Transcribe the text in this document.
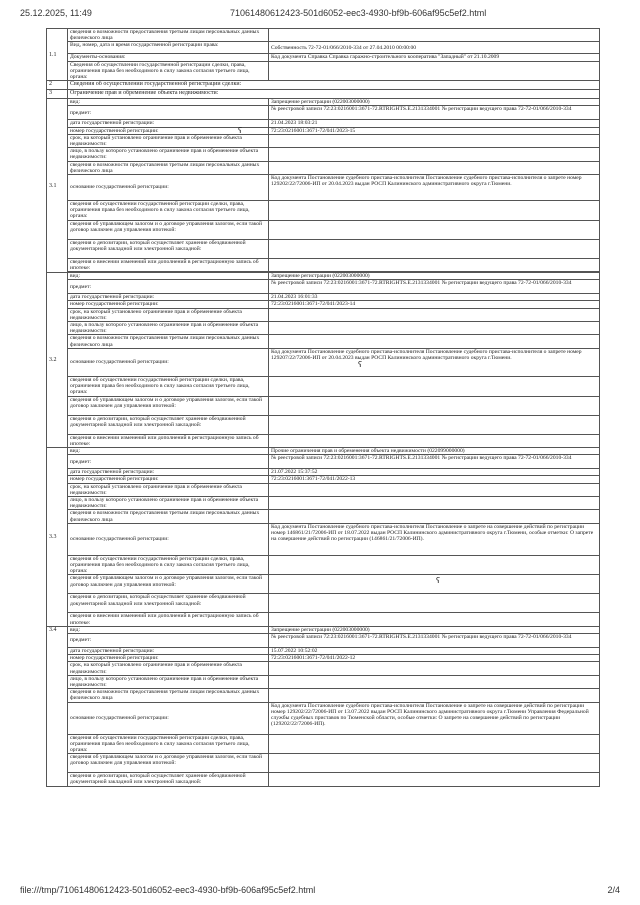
25.12.2025, 11:49	71061480612423-501d6052-eec3-4930-bf9b-606af95c5ef2.html
1.1	сведения о возможности предоставления третьим лицам персональных данных физического лица	
	Вид, номер, дата и время государственной регистрации права:	Собственность 72-72-01/066/2010-334 от 27.04.2010 00:00:00
	Документы-основания:	Код документа Справка Справка гаражно-строительного кооператива "Западный" от 21.10.2009
	Сведения об осуществлении государственной регистрации сделки, права, ограничения права без необходимого в силу закона согласия третьего лица, органа:	
2	Сведения об осуществлении государственной регистрации сделки:	
3	Ограничение прав и обременение объекта недвижимости:	
3.1	вид:	Запрещение регистрации (022003000000)
	предмет:	№ реестровой записи 72:23:0216001:3671-72.RTRIGHTS.E.2131334001 № регистрации ведущего права 72-72-01/066/2010-334
	дата государственной регистрации:	21.04.2023 18:03:21
	номер государственной регистрации:	72:23:0216001:3671-72/041/2023-15
	срок, на который установлено ограничение прав и обременение объекта недвижимости:	
	лицо, в пользу которого установлено ограничение прав и обременение объекта недвижимости:	
	сведения о возможности предоставления третьим лицам персональных данных физического лица	
	основание государственной регистрации:	Код документа Постановление судебного пристава-исполнителя Постановление судебного пристава-исполнителя о запрете номер 129202/22/72006-ИП от 20.04.2023 выдан РОСП Калининского административного округа г.Тюмени.
	сведения об осуществлении государственной регистрации сделки, права, ограничения права без необходимого в силу закона согласия третьего лица, органа:	
	сведения об управляющем залогом и о договоре управления залогом, если такой договор заключен для управления ипотекой:	
	сведения о депозитарии, который осуществляет хранение обездвиженной документарной закладной или электронной закладной:	
	сведения о внесении изменений или дополнений в регистрационную запись об ипотеке:	

3.2	вид:	Запрещение регистрации (022003000000)
	предмет:	№ реестровой записи 72:23:0216001:3671-72.RTRIGHTS.E.2131334001 № регистрации ведущего права 72-72-01/066/2010-334
	дата государственной регистрации:	21.04.2023 16:01:33
	номер государственной регистрации:	72:23:0216001:3671-72/041/2023-14
	срок, на который установлено ограничение прав и обременение объекта недвижимости:	
	лицо, в пользу которого установлено ограничение прав и обременение объекта недвижимости:	
	сведения о возможности предоставления третьим лицам персональных данных физического лица	
	основание государственной регистрации:	Код документа Постановление судебного пристава-исполнителя Постановление судебного пристава-исполнителя о запрете номер 129207/22/72006-ИП от 20.04.2023 выдан РОСП Калининского административного округа г.Тюмени.
	сведения об осуществлении государственной регистрации сделки, права, ограничения права без необходимого в силу закона согласия третьего лица, органа:	
	сведения об управляющем залогом и о договоре управления залогом, если такой договор заключен для управления ипотекой:	
	сведения о депозитарии, который осуществляет хранение обездвиженной документарной закладной или электронной закладной:	
	сведения о внесении изменений или дополнений в регистрационную запись об ипотеке:	
3.3	вид:	Прочие ограничения прав и обременения объекта недвижимости (022099000000)
	предмет:	№ реестровой записи 72:23:0216001:3671-72.RTRIGHTS.E.2131334001 № регистрации ведущего права 72-72-01/066/2010-334
	дата государственной регистрации:	21.07.2022 15:37:52
	номер государственной регистрации:	72:23:0216001:3671-72/041/2022-13
	срок, на который установлено ограничение прав и обременение объекта недвижимости:	
	лицо, в пользу которого установлено ограничение прав и обременение объекта недвижимости:	
	сведения о возможности предоставления третьим лицам персональных данных физического лица	
	основание государственной регистрации:	Код документа Постановление судебного пристава-исполнителя Постановление о запрете на совершение действий по регистрации номер 146861/21/72006-ИП от 18.07.2022 выдан РОСП Калининского административного округа г.Тюмени, особые отметки: О запрете на совершение действий по регистрации (146861/21/72006-ИП).
	сведения об осуществлении государственной регистрации сделки, права, ограничения права без необходимого в силу закона согласия третьего лица, органа:	
	сведения об управляющем залогом и о договоре управления залогом, если такой договор заключен для управления ипотекой:	
	сведения о депозитарии, который осуществляет хранение обездвиженной документарной закладной или электронной закладной:	
	сведения о внесении изменений или дополнений в регистрационную запись об ипотеке:	
3.4	вид:	Запрещение регистрации (022003000000)
	предмет:	№ реестровой записи 72:23:0216001:3671-72.RTRIGHTS.E.2131334001 № регистрации ведущего права 72-72-01/066/2010-334
	дата государственной регистрации:	15.07.2022 10:52:02
	номер государственной регистрации:	72:23:0216001:3671-72/041/2022-12
	срок, на который установлено ограничение прав и обременение объекта недвижимости:	
	лицо, в пользу которого установлено ограничение прав и обременение объекта недвижимости:	
	сведения о возможности предоставления третьим лицам персональных данных физического лица	
	основание государственной регистрации:	Код документа Постановление судебного пристава-исполнителя Постановление о запрете на совершение действий по регистрации номер 129202/22/72006-ИП от 13.07.2022 выдан РОСП Калининского административного округа г.Тюмени Управления Федеральной службы судебных приставов по Тюменской области, особые отметки: О запрете на совершение действий по регистрации (129202/22/72006-ИП).
	сведения об осуществлении государственной регистрации сделки, права, ограничения права без необходимого в силу закона согласия третьего лица, органа:	
	сведения об управляющем залогом и о договоре управления залогом, если такой договор заключен для управления ипотекой:	
	сведения о депозитарии, который осуществляет хранение обездвиженной документарной закладной или электронной закладной:	
ʕ
ʕ
ʕ
file:///tmp/71061480612423-501d6052-eec3-4930-bf9b-606af95c5ef2.html	2/4
